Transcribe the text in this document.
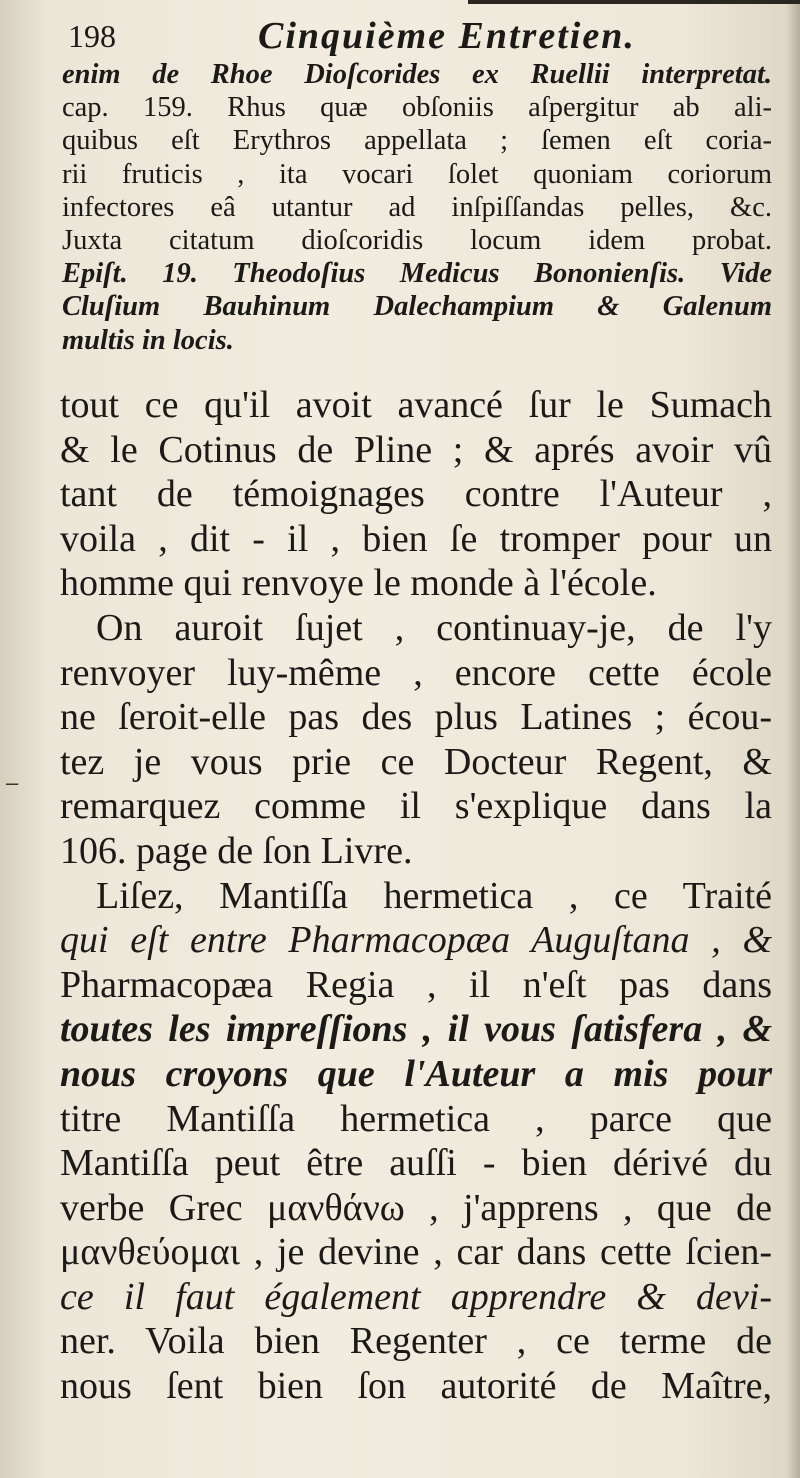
198	Cinquième Entretien.
enim de Rhoe Dioſcorides ex Ruellii interpretat.
cap. 159. Rhus quæ obſoniis aſpergitur ab ali-
quibus eſt Erythros appellata ; ſemen eſt coria-
rii fruticis , ita vocari ſolet quoniam coriorum
infectores eâ utantur ad inſpiſſandas pelles, &c.
Juxta citatum dioſcoridis locum idem probat.
Epiſt. 19. Theodoſius Medicus Bononienſis. Vide
Cluſium Bauhinum Dalechampium & Galenum
multis in locis.
tout ce qu'il avoit avancé ſur le Sumach
& le Cotinus de Pline ; & aprés avoir vû
tant de témoignages contre l'Auteur ,
voila , dit - il , bien ſe tromper pour un
homme qui renvoye le monde à l'école.
On auroit ſujet , continuay-je, de l'y
renvoyer luy-même , encore cette école
ne ſeroit-elle pas des plus Latines ; écou-
tez je vous prie ce Docteur Regent, &
remarquez comme il s'explique dans la
106. page de ſon Livre.
Liſez, Mantiſſa hermetica , ce Traité
qui eſt entre Pharmacopæa Auguſtana , &
Pharmacopæa Regia , il n'eſt pas dans
toutes les impreſſions , il vous ſatisfera , &
nous croyons que l'Auteur a mis pour
titre Mantiſſa hermetica , parce que
Mantiſſa peut être auſſi - bien dérivé du
verbe Grec μανθάνω , j'apprens , que de
μανθεύομαι , je devine , car dans cette ſcien-
ce il faut également apprendre & devi-
ner. Voila bien Regenter , ce terme de
nous ſent bien ſon autorité de Maître,
–
